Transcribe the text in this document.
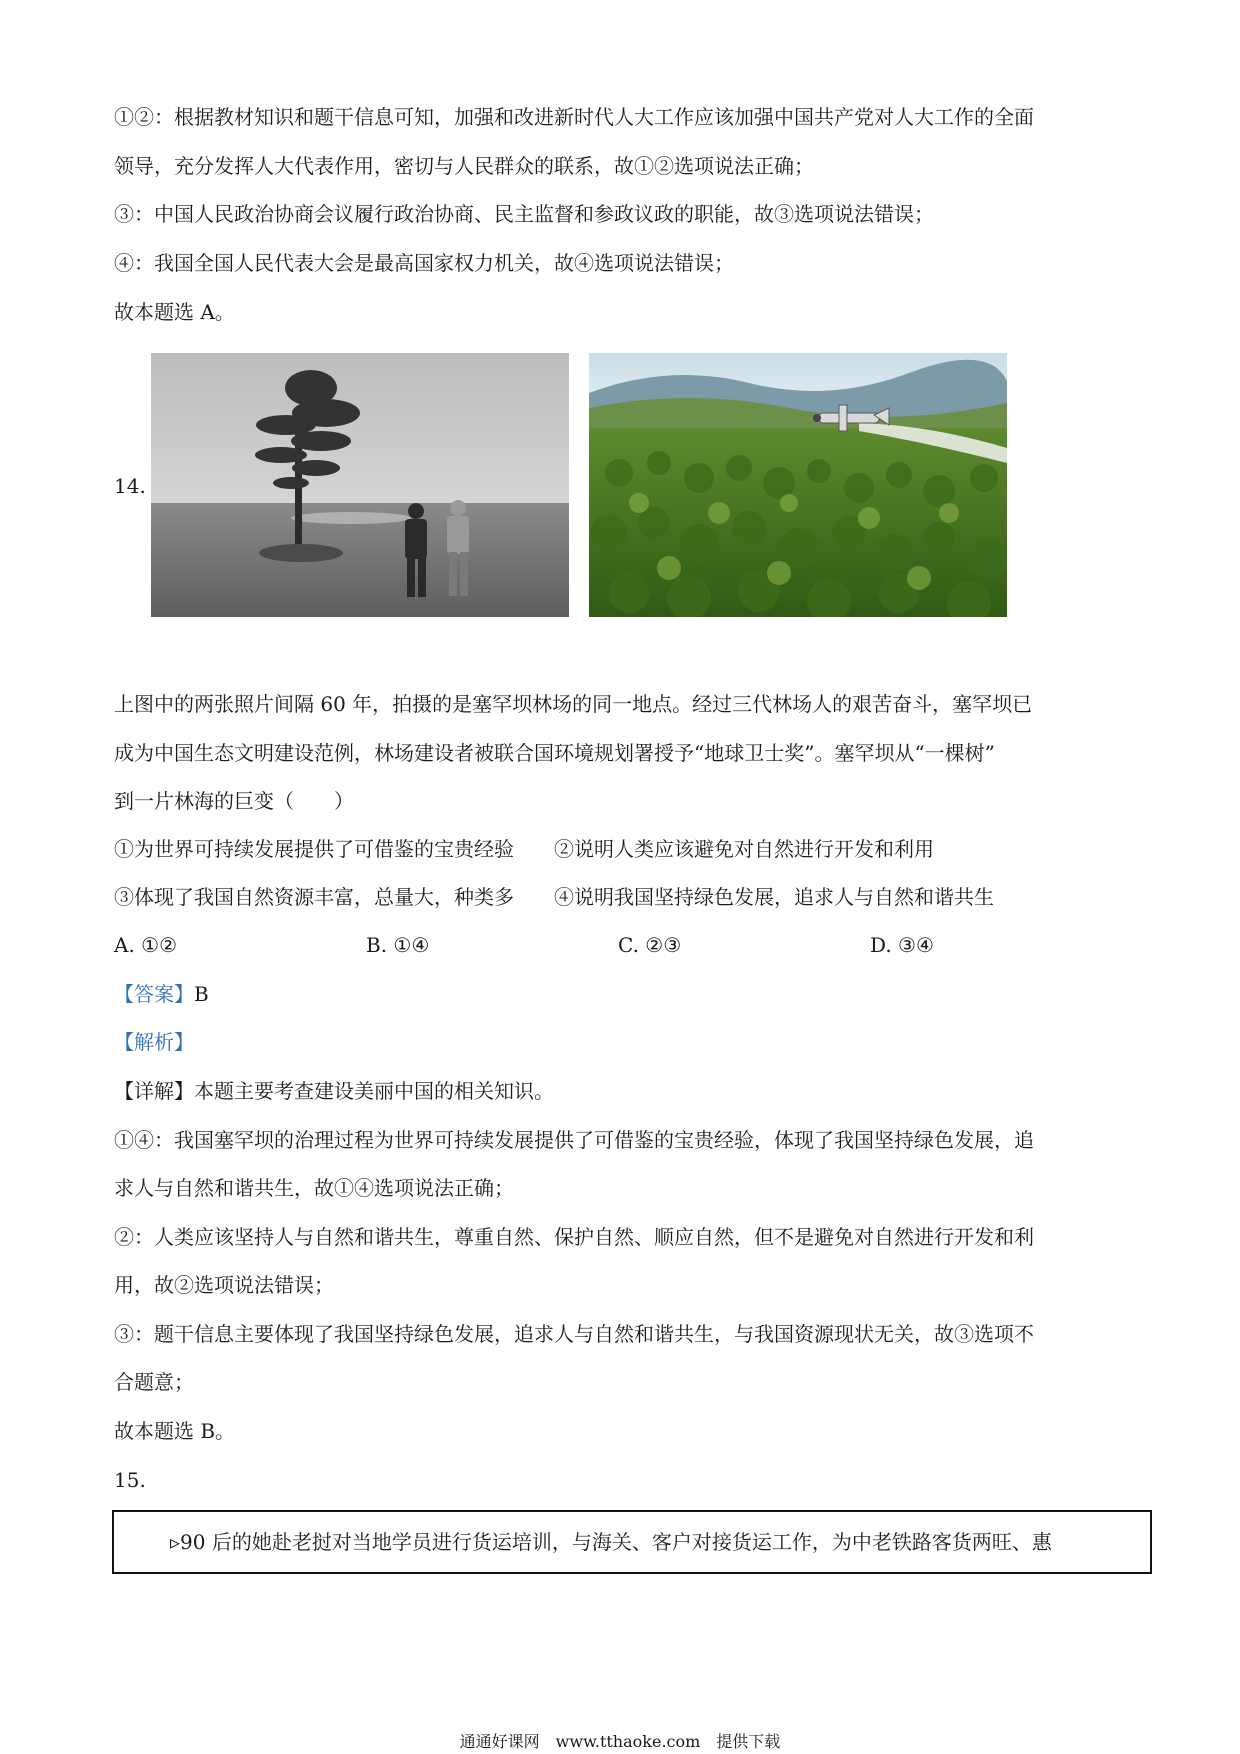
①②：根据教材知识和题干信息可知，加强和改进新时代人大工作应该加强中国共产党对人大工作的全面
领导，充分发挥人大代表作用，密切与人民群众的联系，故①②选项说法正确；
③：中国人民政治协商会议履行政治协商、民主监督和参政议政的职能，故③选项说法错误；
④：我国全国人民代表大会是最高国家权力机关，故④选项说法错误；
故本题选 A。
14.
上图中的两张照片间隔 60 年，拍摄的是塞罕坝林场的同一地点。经过三代林场人的艰苦奋斗，塞罕坝已
成为中国生态文明建设范例，林场建设者被联合国环境规划署授予“地球卫士奖”。塞罕坝从“一棵树”
到一片林海的巨变（　　）
①为世界可持续发展提供了可借鉴的宝贵经验　　②说明人类应该避免对自然进行开发和利用
③体现了我国自然资源丰富，总量大，种类多　　④说明我国坚持绿色发展，追求人与自然和谐共生
A. ①②	B. ①④	C. ②③	D. ③④
【答案】B
【解析】
【详解】本题主要考查建设美丽中国的相关知识。
①④：我国塞罕坝的治理过程为世界可持续发展提供了可借鉴的宝贵经验，体现了我国坚持绿色发展，追
求人与自然和谐共生，故①④选项说法正确；
②：人类应该坚持人与自然和谐共生，尊重自然、保护自然、顺应自然，但不是避免对自然进行开发和利
用，故②选项说法错误；
③：题干信息主要体现了我国坚持绿色发展，追求人与自然和谐共生，与我国资源现状无关，故③选项不
合题意；
故本题选 B。
15.
▹90 后的她赴老挝对当地学员进行货运培训，与海关、客户对接货运工作，为中老铁路客货两旺、惠
通通好课网　www.tthaoke.com　提供下载
